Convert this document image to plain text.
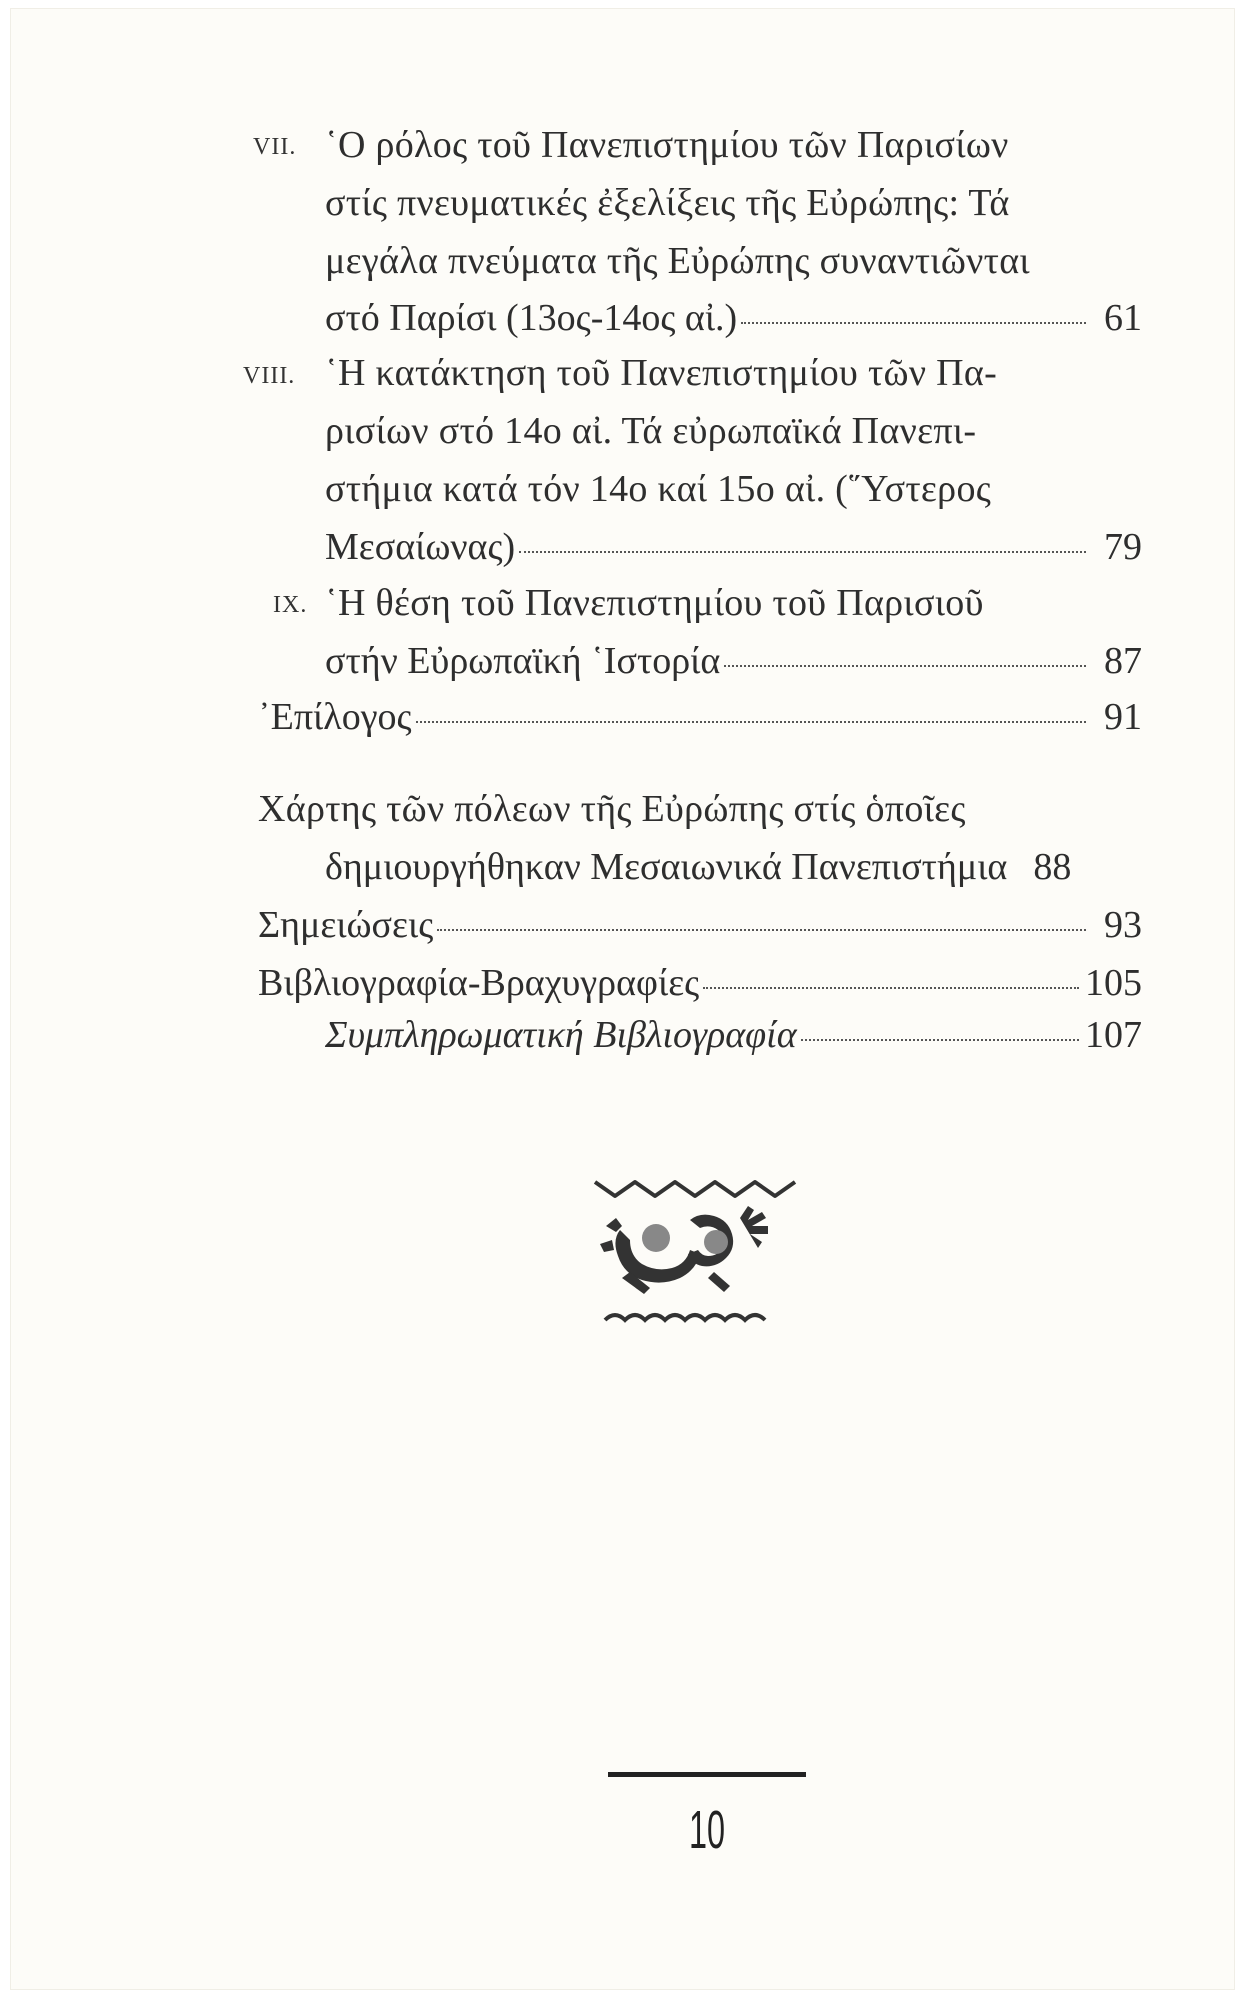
VII. ῾Ο ρόλος τοῦ Πανεπιστημίου τῶν Παρισίων
στίς πνευματικές ἐξελίξεις τῆς Εὐρώπης: Τά
μεγάλα πνεύματα τῆς Εὐρώπης συναντιῶνται
στό Παρίσι (13ος-14ος αἰ.)	61
VIII. ῾Η κατάκτηση τοῦ Πανεπιστημίου τῶν Πα-
ρισίων στό 14ο αἰ. Τά εὐρωπαϊκά Πανεπι-
στήμια κατά τόν 14ο καί 15ο αἰ. (῞Υστερος
Μεσαίωνας)	79
IX. ῾Η θέση τοῦ Πανεπιστημίου τοῦ Παρισιοῦ
στήν Εὐρωπαϊκή ῾Ιστορία	87
᾿Επίλογος	91
Χάρτης τῶν πόλεων τῆς Εὐρώπης στίς ὁποῖες
δημιουργήθηκαν Μεσαιωνικά Πανεπιστήμια 88
Σημειώσεις	93
Βιβλιογραφία-Βραχυγραφίες	105
Συμπληρωματική Βιβλιογραφία	107
10
